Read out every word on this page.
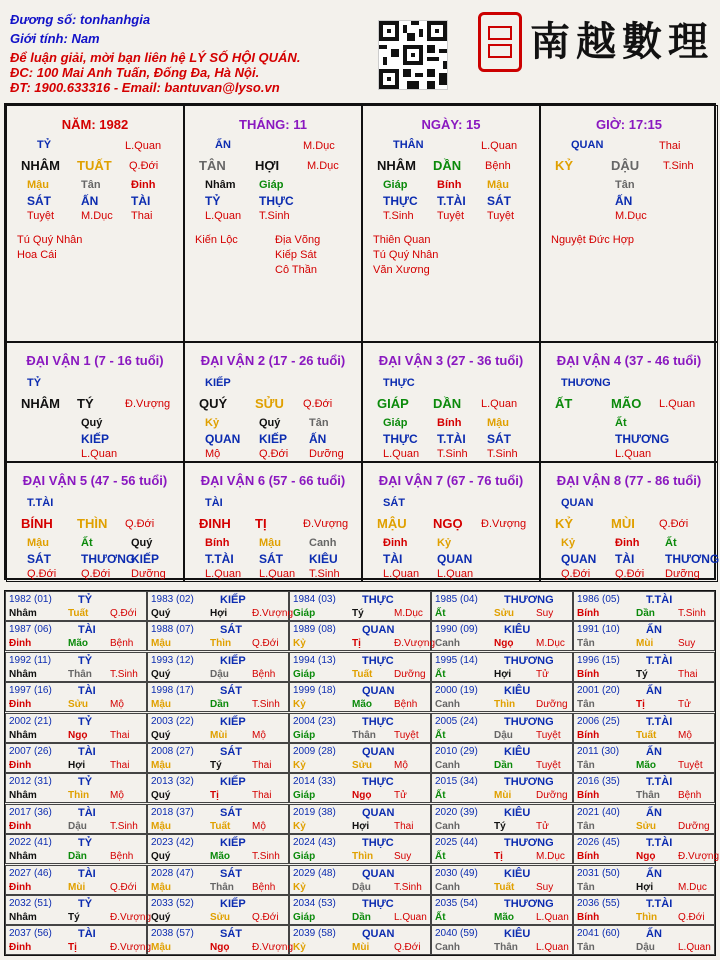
Đương số: tonhanhgia
Giới tính: Nam
Để luận giải, mời bạn liên hệ LÝ SỐ HỘI QUÁN.
ĐC: 100 Mai Anh Tuấn, Đống Đa, Hà Nội.
ĐT: 1900.633316 - Email: bantuvan@lyso.vn
南越數理
NĂM: 1982
TỶ	L.Quan
NHÂM TUẤT Q.Đới
Mậu	Tân	Đinh
SÁT	ẤN	TÀI
Tuyệt M.Dục Thai
Tú Quý Nhân
Hoa Cái
THÁNG: 11
ẤN	M.Dục
TÂN HỢI	M.Dục
Nhâm Giáp
TỶ	THỰC
L.Quan T.Sinh
Kiến Lộc	Địa Võng
Kiếp Sát
Cô Thần
NGÀY: 15
THÂN	L.Quan
NHÂM DẦN Bệnh
Giáp	Bính Mậu
THỰC T.TÀI SÁT
T.Sinh Tuyệt Tuyệt
Thiên Quan
Tú Quý Nhân
Văn Xương
GIỜ: 17:15
QUAN	Thai
KỶ	DẬU T.Sinh
Tân
ẤN
M.Dục
Nguyệt Đức Hợp
ĐẠI VẬN 1 (7 - 16 tuổi)
TỶ
NHÂM TÝ	Đ.Vượng
Quý
KIẾP
L.Quan
ĐẠI VẬN 2 (17 - 26 tuổi)
KIẾP
QUÝ SỬU Q.Đới
Kỷ	Quý	Tân
QUAN KIẾP ẤN
Mộ	Q.Đới Dưỡng
ĐẠI VẬN 3 (27 - 36 tuổi)
THỰC
GIÁP DẦN L.Quan
Giáp	Bính Mậu
THỰC T.TÀI SÁT
L.Quan T.Sinh T.Sinh
ĐẠI VẬN 4 (37 - 46 tuổi)
THƯƠNG
ẤT	MÃO L.Quan
Ất
THƯƠNG
L.Quan
ĐẠI VẬN 5 (47 - 56 tuổi)
T.TÀI
BÍNH THÌN Q.Đới
Mậu	Ất	Quý
SÁT	THƯƠNG
KIẾP
Q.Đới Q.Đới Dưỡng
ĐẠI VẬN 6 (57 - 66 tuổi)
TÀI
ĐINH TỊ	Đ.Vượng
Bính	Mậu	Canh
T.TÀI SÁT KIÊU
L.Quan L.Quan T.Sinh
ĐẠI VẬN 7 (67 - 76 tuổi)
SÁT
MẬU NGỌ Đ.Vượng
Đinh	Kỷ
TÀI	QUAN
L.Quan L.Quan
ĐẠI VẬN 8 (77 - 86 tuổi)
QUAN
KỶ	MÙI Q.Đới
Kỷ	Đinh Ất
QUAN TÀI	THƯƠNG
Q.Đới Q.Đới Dưỡng
1982 (01) TỶ
Nhâm	Tuất Q.Đới
1983 (02) KIẾP
Quý	Hợi Đ.Vượng
1984 (03) THỰC
Giáp	Tý	M.Dục
1985 (04) THƯƠNG
Ất	Sửu Suy
1986 (05) T.TÀI
Bính	Dần T.Sinh
1987 (06) TÀI
Đinh	Mão Bệnh
1988 (07) SÁT
Mậu	Thìn Q.Đới
1989 (08) QUAN
Kỷ	Tị	Đ.Vượng
1990 (09) KIÊU
Canh	Ngọ M.Dục
1991 (10) ẤN
Tân	Mùi Suy
1992 (11) TỶ
Nhâm	Thân T.Sinh
1993 (12) KIẾP
Quý	Dậu Bệnh
1994 (13) THỰC
Giáp	Tuất Dưỡng
1995 (14) THƯƠNG
Ất	Hợi Tử
1996 (15) T.TÀI
Bính	Tý	Thai
1997 (16) TÀI
Đinh	Sửu Mộ
1998 (17) SÁT
Mậu	Dần T.Sinh
1999 (18) QUAN
Kỷ	Mão Bệnh
2000 (19) KIÊU
Canh	Thìn Dưỡng
2001 (20) ẤN
Tân	Tị	Tử
2002 (21) TỶ
Nhâm	Ngọ Thai
2003 (22) KIẾP
Quý	Mùi Mộ
2004 (23) THỰC
Giáp	Thân Tuyệt
2005 (24) THƯƠNG
Ất	Dậu Tuyệt
2006 (25) T.TÀI
Bính	Tuất Mộ
2007 (26) TÀI
Đinh	Hợi Thai
2008 (27) SÁT
Mậu	Tý	Thai
2009 (28) QUAN
Kỷ	Sửu Mộ
2010 (29) KIÊU
Canh	Dần Tuyệt
2011 (30) ẤN
Tân	Mão Tuyệt
2012 (31) TỶ
Nhâm	Thìn Mộ
2013 (32) KIẾP
Quý	Tị	Thai
2014 (33) THỰC
Giáp	Ngọ Tử
2015 (34) THƯƠNG
Ất	Mùi Dưỡng
2016 (35) T.TÀI
Bính	Thân Bệnh
2017 (36) TÀI
Đinh	Dậu T.Sinh
2018 (37) SÁT
Mậu	Tuất Mộ
2019 (38) QUAN
Kỷ	Hợi Thai
2020 (39) KIÊU
Canh	Tý	Tử
2021 (40) ẤN
Tân	Sửu Dưỡng
2022 (41) TỶ
Nhâm	Dần Bệnh
2023 (42) KIẾP
Quý	Mão T.Sinh
2024 (43) THỰC
Giáp	Thìn Suy
2025 (44) THƯƠNG
Ất	Tị	M.Dục
2026 (45) T.TÀI
Bính	Ngọ Đ.Vượng
2027 (46) TÀI
Đinh	Mùi Q.Đới
2028 (47) SÁT
Mậu	Thân Bệnh
2029 (48) QUAN
Kỷ	Dậu T.Sinh
2030 (49) KIÊU
Canh	Tuất Suy
2031 (50) ẤN
Tân	Hợi M.Dục
2032 (51) TỶ
Nhâm	Tý	Đ.Vượng
2033 (52) KIẾP
Quý	Sửu Q.Đới
2034 (53) THỰC
Giáp	Dần L.Quan
2035 (54) THƯƠNG
Ất	Mão L.Quan
2036 (55) T.TÀI
Bính	Thìn Q.Đới
2037 (56) TÀI
Đinh	Tị	Đ.Vượng
2038 (57) SÁT
Mậu	Ngọ Đ.Vượng
2039 (58) QUAN
Kỷ	Mùi Q.Đới
2040 (59) KIÊU
Canh	Thân L.Quan
2041 (60) ẤN
Tân	Dậu L.Quan
